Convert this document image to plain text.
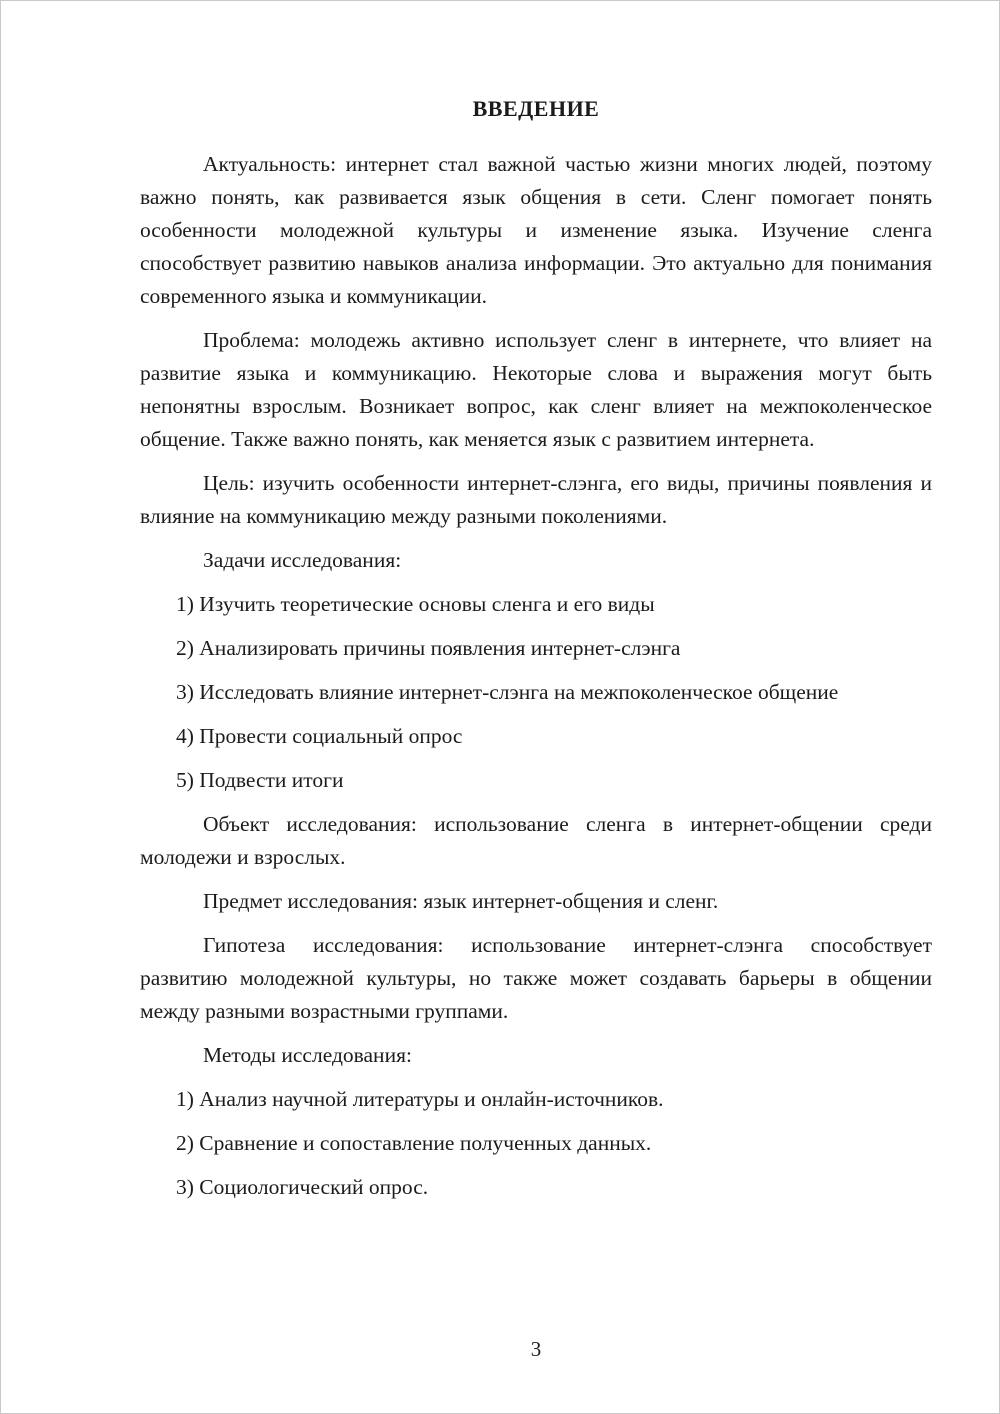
ВВЕДЕНИЕ

Актуальность: интернет стал важной частью жизни многих людей, поэтому важно понять, как развивается язык общения в сети. Сленг помогает понять особенности молодежной культуры и изменение языка. Изучение сленга способствует развитию навыков анализа информации. Это актуально для понимания современного языка и коммуникации.

Проблема: молодежь активно использует сленг в интернете, что влияет на развитие языка и коммуникацию. Некоторые слова и выражения могут быть непонятны взрослым. Возникает вопрос, как сленг влияет на межпоколенческое общение. Также важно понять, как меняется язык с развитием интернета.

Цель: изучить особенности интернет-слэнга, его виды, причины появления и влияние на коммуникацию между разными поколениями.

Задачи исследования:

1) Изучить теоретические основы сленга и его виды

2) Анализировать причины появления интернет-слэнга

3) Исследовать влияние интернет-слэнга на межпоколенческое общение

4) Провести социальный опрос

5) Подвести итоги

Объект исследования: использование сленга в интернет-общении среди молодежи и взрослых.

Предмет исследования: язык интернет-общения и сленг.

Гипотеза исследования: использование интернет-слэнга способствует развитию молодежной культуры, но также может создавать барьеры в общении между разными возрастными группами.

Методы исследования:

1) Анализ научной литературы и онлайн-источников.

2) Сравнение и сопоставление полученных данных.

3) Социологический опрос.

3
